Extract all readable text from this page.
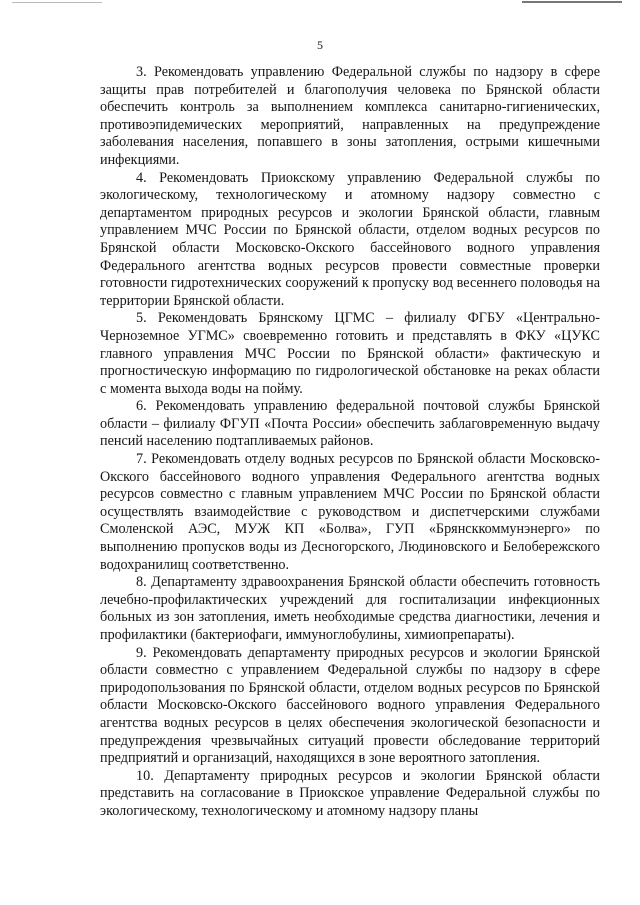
5

3. Рекомендовать управлению Федеральной службы по надзору в сфере защиты прав потребителей и благополучия человека по Брянской области обеспечить контроль за выполнением комплекса санитарно-гигиенических, противоэпидемических мероприятий, направленных на предупреждение заболевания населения, попавшего в зоны затопления, острыми кишечными инфекциями.

4. Рекомендовать Приокскому управлению Федеральной службы по экологическому, технологическому и атомному надзору совместно с департаментом природных ресурсов и экологии Брянской области, главным управлением МЧС России по Брянской области, отделом водных ресурсов по Брянской области Московско-Окского бассейнового водного управления Федерального агентства водных ресурсов провести совместные проверки готовности гидротехнических сооружений к пропуску вод весеннего половодья на территории Брянской области.

5. Рекомендовать Брянскому ЦГМС – филиалу ФГБУ «Центрально-Черноземное УГМС» своевременно готовить и представлять в ФКУ «ЦУКС главного управления МЧС России по Брянской области» фактическую и прогностическую информацию по гидрологической обстановке на реках области с момента выхода воды на пойму.

6. Рекомендовать управлению федеральной почтовой службы Брянской области – филиалу ФГУП «Почта России» обеспечить заблаговременную выдачу пенсий населению подтапливаемых районов.

7. Рекомендовать отделу водных ресурсов по Брянской области Московско-Окского бассейнового водного управления Федерального агентства водных ресурсов совместно с главным управлением МЧС России по Брянской области осуществлять взаимодействие с руководством и диспетчерскими службами Смоленской АЭС, МУЖ КП «Болва», ГУП «Брянсккоммунэнерго» по выполнению пропусков воды из Десногорского, Людиновского и Белобережского водохранилищ соответственно.

8. Департаменту здравоохранения Брянской области обеспечить готовность лечебно-профилактических учреждений для госпитализации инфекционных больных из зон затопления, иметь необходимые средства диагностики, лечения и профилактики (бактериофаги, иммуноглобулины, химиопрепараты).

9. Рекомендовать департаменту природных ресурсов и экологии Брянской области совместно с управлением Федеральной службы по надзору в сфере природопользования по Брянской области, отделом водных ресурсов по Брянской области Московско-Окского бассейнового водного управления Федерального агентства водных ресурсов в целях обеспечения экологической безопасности и предупреждения чрезвычайных ситуаций провести обследование территорий предприятий и организаций, находящихся в зоне вероятного затопления.

10. Департаменту природных ресурсов и экологии Брянской области представить на согласование в Приокское управление Федеральной службы по экологическому, технологическому и атомному надзору планы
